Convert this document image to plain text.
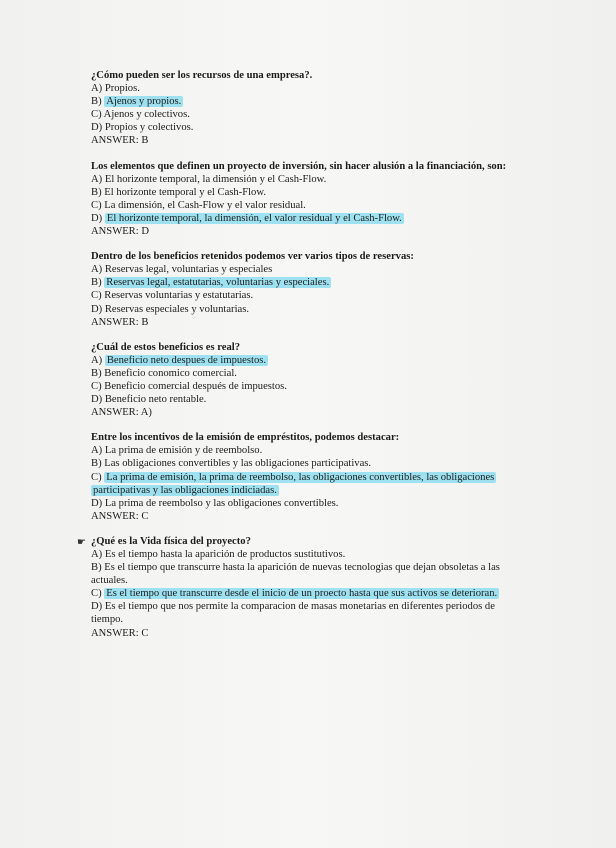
¿Cómo pueden ser los recursos de una empresa?.
A) Propios.
B) Ajenos y propios.
C) Ajenos y colectivos.
D) Propios y colectivos.
ANSWER: B
Los elementos que definen un proyecto de inversión, sin hacer alusión a la financiación, son:
A) El horizonte temporal, la dimensión y el Cash-Flow.
B) El horizonte temporal y el Cash-Flow.
C) La dimensión, el Cash-Flow y el valor residual.
D) El horizonte temporal, la dimensión, el valor residual y el Cash-Flow.
ANSWER: D
Dentro de los beneficios retenidos podemos ver varios tipos de reservas:
A) Reservas legal, voluntarias y especiales
B) Reservas legal, estatutarias, voluntarias y especiales.
C) Reservas voluntarias y estatutarias.
D) Reservas especiales y voluntarias.
ANSWER: B
¿Cuál de estos beneficios es real?
A) Beneficio neto despues de impuestos.
B) Beneficio conomico comercial.
C) Beneficio comercial después de impuestos.
D) Beneficio neto rentable.
ANSWER: A)
Entre los incentivos de la emisión de empréstitos, podemos destacar:
A) La prima de emisión y de reembolso.
B) Las obligaciones convertibles y las obligaciones participativas.
C) La prima de emisión, la prima de reembolso, las obligaciones convertibles, las obligaciones participativas y las obligaciones indiciadas.
D) La prima de reembolso y las obligaciones convertibles.
ANSWER: C
☛ ¿Qué es la Vida física del proyecto?
A) Es el tiempo hasta la aparición de productos sustitutivos.
B) Es el tiempo que transcurre hasta la aparición de nuevas tecnologias que dejan obsoletas a las actuales.
C) Es el tiempo que transcurre desde el inicio de un proecto hasta que sus activos se deterioran.
D) Es el tiempo que nos permite la comparacion de masas monetarias en diferentes periodos de tiempo.
ANSWER: C
